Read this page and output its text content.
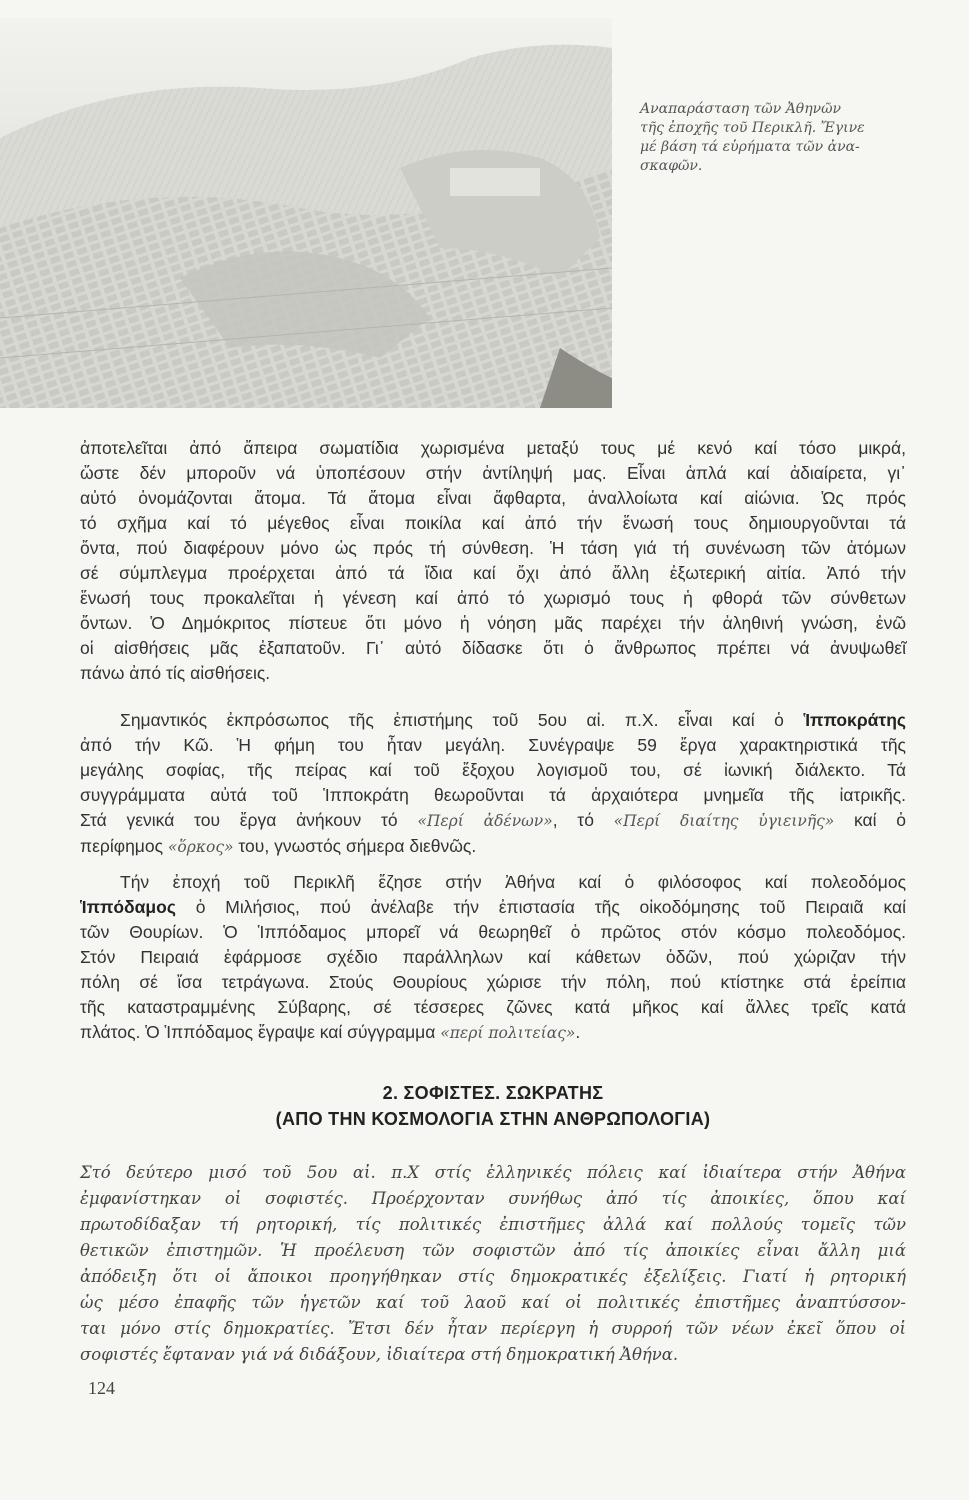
Αναπαράσταση τῶν Ἀθηνῶν
τῆς ἐποχῆς τοῦ Περικλῆ. Ἔγινε
μέ βάση τά εὑρήματα τῶν ἀνα-
σκαφῶν.
ἀποτελεῖται ἀπό ἄπειρα σωματίδια χωρισμένα μεταξύ τους μέ κενό καί τόσο μικρά,
ὥστε δέν μποροῦν νά ὑποπέσουν στήν ἀντίληψή μας. Εἶναι ἁπλά καί ἀδιαίρετα, γι᾽
αὐτό ὀνομάζονται ἄτομα. Τά ἄτομα εἶναι ἄφθαρτα, ἀναλλοίωτα καί αἰώνια. Ὡς πρός
τό σχῆμα καί τό μέγεθος εἶναι ποικίλα καί ἀπό τήν ἕνωσή τους δημιουργοῦνται τά
ὄντα, πού διαφέρουν μόνο ὡς πρός τή σύνθεση. Ἡ τάση γιά τή συνένωση τῶν ἀτόμων
σέ σύμπλεγμα προέρχεται ἀπό τά ἴδια καί ὄχι ἀπό ἄλλη ἐξωτερική αἰτία. Ἀπό τήν
ἕνωσή τους προκαλεῖται ἡ γένεση καί ἀπό τό χωρισμό τους ἡ φθορά τῶν σύνθετων
ὄντων. Ὁ Δημόκριτος πίστευε ὅτι μόνο ἡ νόηση μᾶς παρέχει τήν ἀληθινή γνώση, ἐνῶ
οἱ αἰσθήσεις μᾶς ἐξαπατοῦν. Γι᾽ αὐτό δίδασκε ὅτι ὁ ἄνθρωπος πρέπει νά ἀνυψωθεῖ
πάνω ἀπό τίς αἰσθήσεις.
Σημαντικός ἐκπρόσωπος τῆς ἐπιστήμης τοῦ 5ου αἰ. π.Χ. εἶναι καί ὁ Ἱπποκράτης
ἀπό τήν Κῶ. Ἡ φήμη του ἦταν μεγάλη. Συνέγραψε 59 ἔργα χαρακτηριστικά τῆς
μεγάλης σοφίας, τῆς πείρας καί τοῦ ἔξοχου λογισμοῦ του, σέ ἰωνική διάλεκτο. Τά
συγγράμματα αὐτά τοῦ Ἱπποκράτη θεωροῦνται τά ἀρχαιότερα μνημεῖα τῆς ἰατρικῆς.
Στά γενικά του ἔργα ἀνήκουν τό «Περί ἀδένων», τό «Περί διαίτης ὑγιεινῆς» καί ὁ
περίφημος «ὅρκος» του, γνωστός σήμερα διεθνῶς.
Τήν ἐποχή τοῦ Περικλῆ ἔζησε στήν Ἀθήνα καί ὁ φιλόσοφος καί πολεοδόμος
Ἱππόδαμος ὁ Μιλήσιος, πού ἀνέλαβε τήν ἐπιστασία τῆς οἰκοδόμησης τοῦ Πειραιᾶ καί
τῶν Θουρίων. Ὁ Ἱππόδαμος μπορεῖ νά θεωρηθεῖ ὁ πρῶτος στόν κόσμο πολεοδόμος.
Στόν Πειραιά ἐφάρμοσε σχέδιο παράλληλων καί κάθετων ὁδῶν, πού χώριζαν τήν
πόλη σέ ἴσα τετράγωνα. Στούς Θουρίους χώρισε τήν πόλη, πού κτίστηκε στά ἐρείπια
τῆς καταστραμμένης Σύβαρης, σέ τέσσερες ζῶνες κατά μῆκος καί ἄλλες τρεῖς κατά
πλάτος. Ὁ Ἱππόδαμος ἔγραψε καί σύγγραμμα «περί πολιτείας».
2. ΣΟΦΙΣΤΕΣ. ΣΩΚΡΑΤΗΣ
(ΑΠΟ ΤΗΝ ΚΟΣΜΟΛΟΓΙΑ ΣΤΗΝ ΑΝΘΡΩΠΟΛΟΓΙΑ)
Στό δεύτερο μισό τοῦ 5ου αἰ. π.Χ στίς ἑλληνικές πόλεις καί ἰδιαίτερα στήν Ἀθήνα
ἐμφανίστηκαν οἱ σοφιστές. Προέρχονταν συνήθως ἀπό τίς ἀποικίες, ὅπου καί
πρωτοδίδαξαν τή ρητορική, τίς πολιτικές ἐπιστῆμες ἀλλά καί πολλούς τομεῖς τῶν
θετικῶν ἐπιστημῶν. Ἡ προέλευση τῶν σοφιστῶν ἀπό τίς ἀποικίες εἶναι ἄλλη μιά
ἀπόδειξη ὅτι οἱ ἄποικοι προηγήθηκαν στίς δημοκρατικές ἐξελίξεις. Γιατί ἡ ρητορική
ὡς μέσο ἐπαφῆς τῶν ἡγετῶν καί τοῦ λαοῦ καί οἱ πολιτικές ἐπιστῆμες ἀναπτύσσον-
ται μόνο στίς δημοκρατίες. Ἔτσι δέν ἦταν περίεργη ἡ συρροή τῶν νέων ἐκεῖ ὅπου οἱ
σοφιστές ἔφταναν γιά νά διδάξουν, ἰδιαίτερα στή δημοκρατική Ἀθήνα.
124
